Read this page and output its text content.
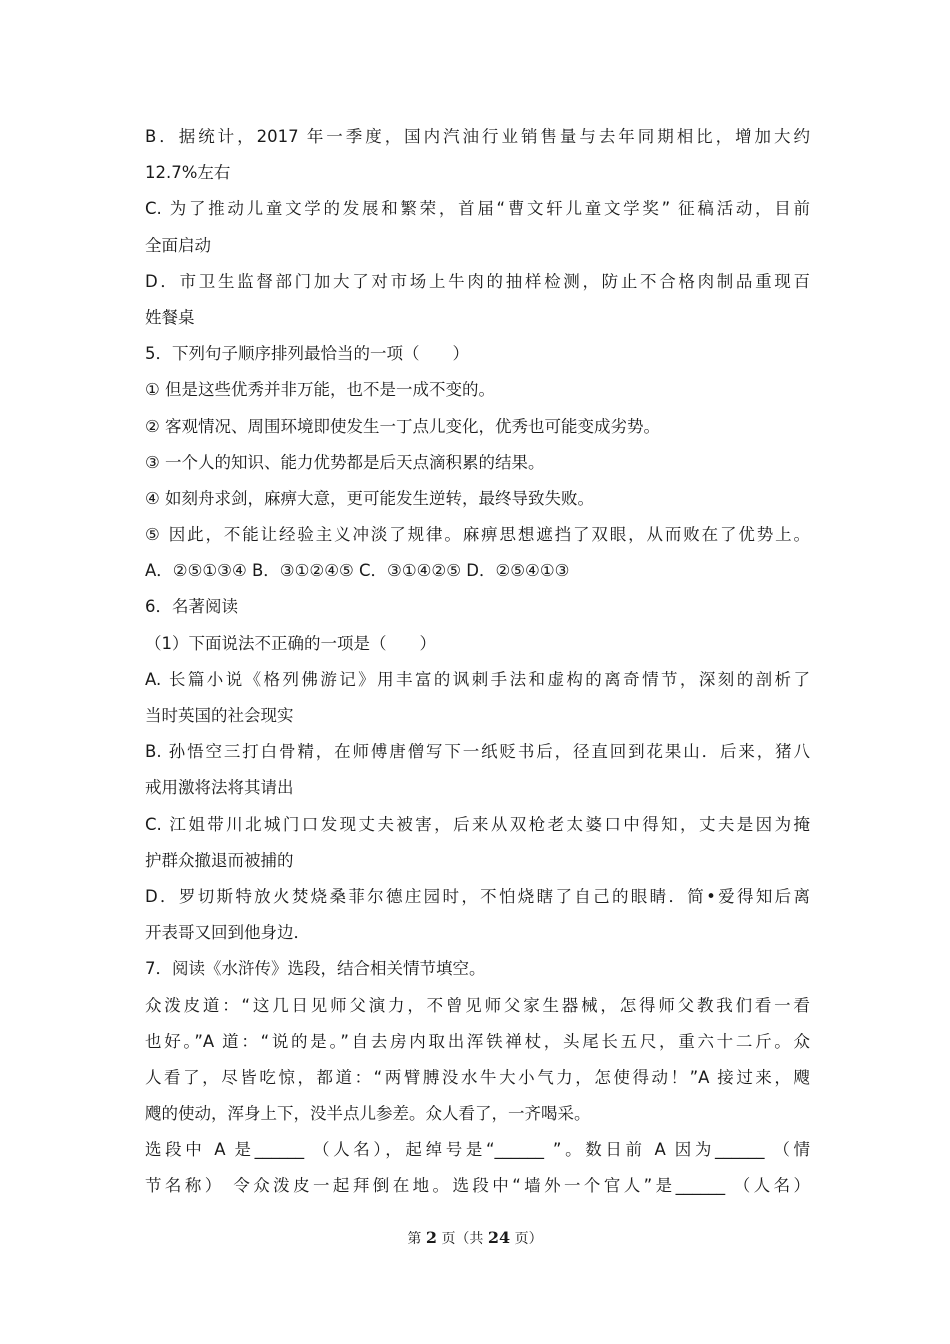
B．据统计，2017 年一季度，国内汽油行业销售量与去年同期相比，增加大约
12.7%左右
C. 为了推动儿童文学的发展和繁荣，首届“曹文轩儿童文学奖” 征稿活动，目前
全面启动
D．市卫生监督部门加大了对市场上牛肉的抽样检测，防止不合格肉制品重现百
姓餐桌
5．下列句子顺序排列最恰当的一项（　　）
① 但是这些优秀并非万能，也不是一成不变的。
② 客观情况、周围环境即使发生一丁点儿变化，优秀也可能变成劣势。
③ 一个人的知识、能力优势都是后天点滴积累的结果。
④ 如刻舟求剑，麻痹大意，更可能发生逆转，最终导致失败。
⑤ 因此，不能让经验主义冲淡了规律。麻痹思想遮挡了双眼，从而败在了优势上。
A．②⑤①③④ B．③①②④⑤ C．③①④②⑤ D．②⑤④①③
6．名著阅读
（1）下面说法不正确的一项是（　　）
A. 长篇小说《格列佛游记》用丰富的讽刺手法和虚构的离奇情节，深刻的剖析了
当时英国的社会现实
B. 孙悟空三打白骨精，在师傅唐僧写下一纸贬书后，径直回到花果山．后来，猪八
戒用激将法将其请出
C. 江姐带川北城门口发现丈夫被害，后来从双枪老太婆口中得知，丈夫是因为掩
护群众撤退而被捕的
D．罗切斯特放火焚烧桑菲尔德庄园时，不怕烧瞎了自己的眼睛．简•爱得知后离
开表哥又回到他身边．
7．阅读《水浒传》选段，结合相关情节填空。
众泼皮道：“这几日见师父演力，不曾见师父家生器械，怎得师父教我们看一看
也好。”A 道：“说的是。”自去房内取出浑铁禅杖，头尾长五尺，重六十二斤。众
人看了，尽皆吃惊，都道：“两臂膊没水牛大小气力，怎使得动！”A 接过来，飕
飕的使动，浑身上下，没半点儿参差。众人看了，一齐喝采。
选段中 A 是______ （人名），起绰号是“______ ”。数日前 A 因为______ （情
节名称） 令众泼皮一起拜倒在地。选段中“墙外一个官人”是______ （人名）
第 2 页（共 24 页）
